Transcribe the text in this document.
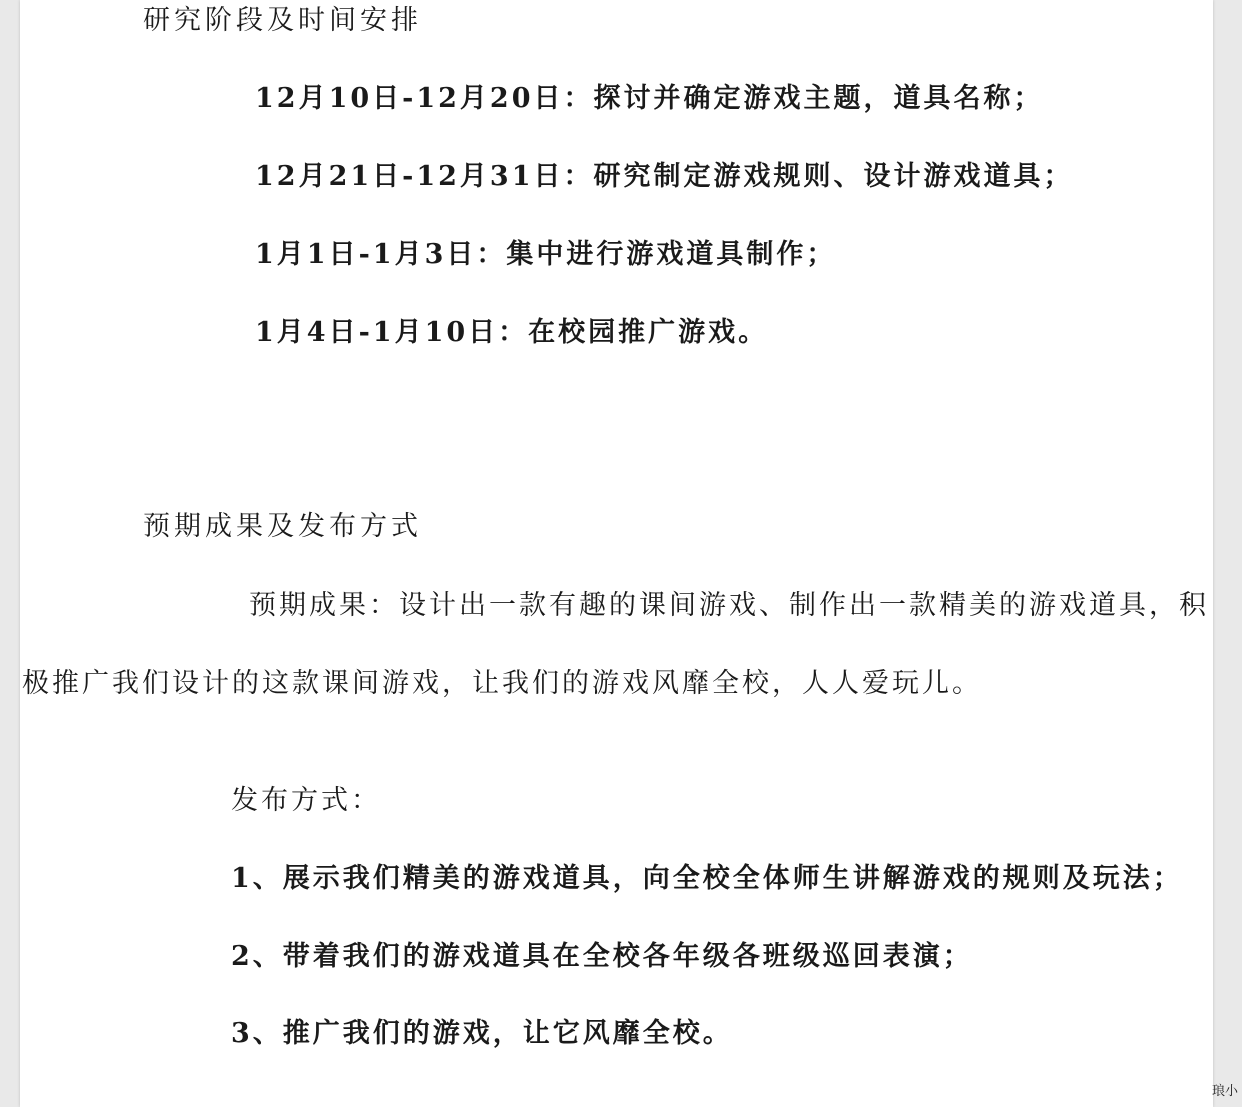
研究阶段及时间安排
12月10日-12月20日：探讨并确定游戏主题，道具名称；
12月21日-12月31日：研究制定游戏规则、设计游戏道具；
1月1日-1月3日：集中进行游戏道具制作；
1月4日-1月10日：在校园推广游戏。
预期成果及发布方式
预期成果：设计出一款有趣的课间游戏、制作出一款精美的游戏道具，积
极推广我们设计的这款课间游戏，让我们的游戏风靡全校，人人爱玩儿。
发布方式：
1、展示我们精美的游戏道具，向全校全体师生讲解游戏的规则及玩法；
2、带着我们的游戏道具在全校各年级各班级巡回表演；
3、推广我们的游戏，让它风靡全校。
琅小
